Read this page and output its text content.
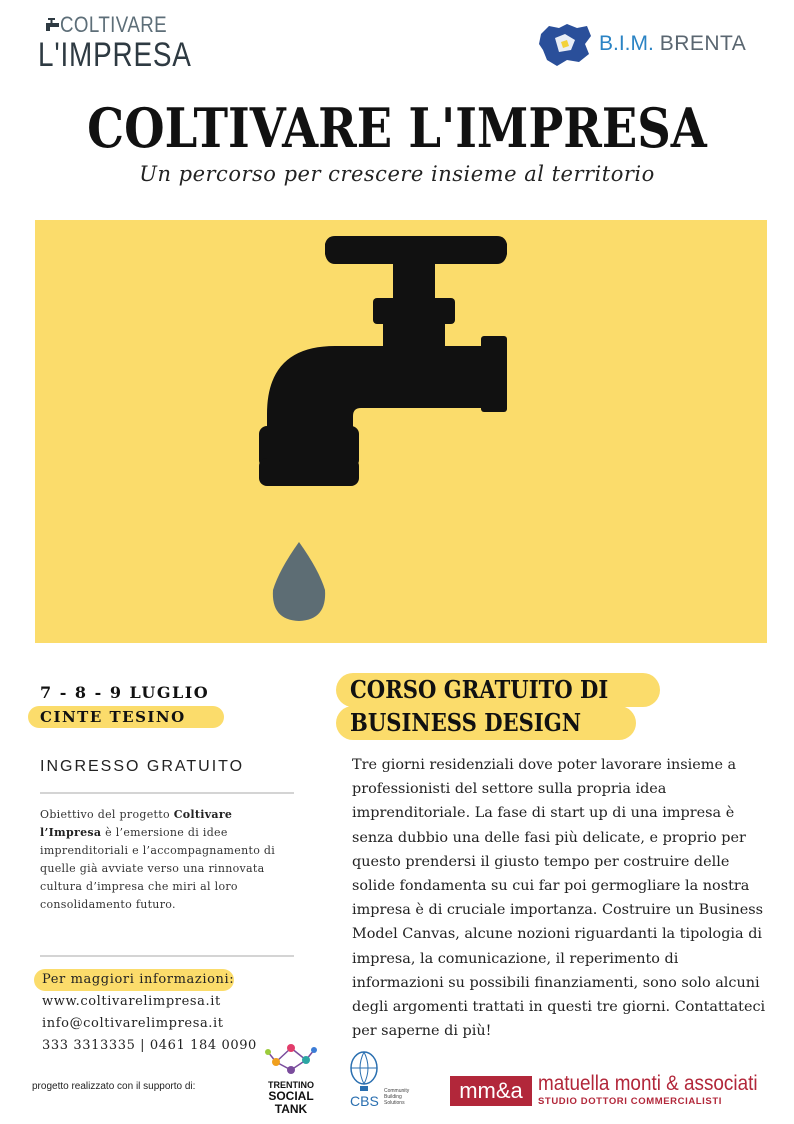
COLTIVARE
L'IMPRESA	B.I.M. BRENTA
COLTIVARE L'IMPRESA
Un percorso per crescere insieme al territorio
7 - 8 - 9 LUGLIO
CINTE TESINO
INGRESSO GRATUITO
Obiettivo del progetto Coltivare l’Impresa è l’emersione di idee imprenditoriali e l’accompagnamento di quelle già avviate verso una rinnovata cultura d’impresa che miri al loro consolidamento futuro.
Per maggiori informazioni:
www.coltivarelimpresa.it
info@coltivarelimpresa.it
333 3313335 | 0461 184 0090
CORSO GRATUITO DI
BUSINESS DESIGN
Tre giorni residenziali dove poter lavorare insieme a professionisti del settore sulla propria idea imprenditoriale. La fase di start up di una impresa è senza dubbio una delle fasi più delicate, e proprio per questo prendersi il giusto tempo per costruire delle solide fondamenta su cui far poi germogliare la nostra impresa è di cruciale importanza. Costruire un Business Model Canvas, alcune nozioni riguardanti la tipologia di impresa, la comunicazione, il reperimento di informazioni su possibili finanziamenti, sono solo alcuni degli argomenti trattati in questi tre giorni. Contattateci per saperne di più!
progetto realizzato con il supporto di:	TRENTINO
SOCIAL
TANK	CBS
Community
Building
Solutions	mm&a matuella monti & associati
STUDIO DOTTORI COMMERCIALISTI
